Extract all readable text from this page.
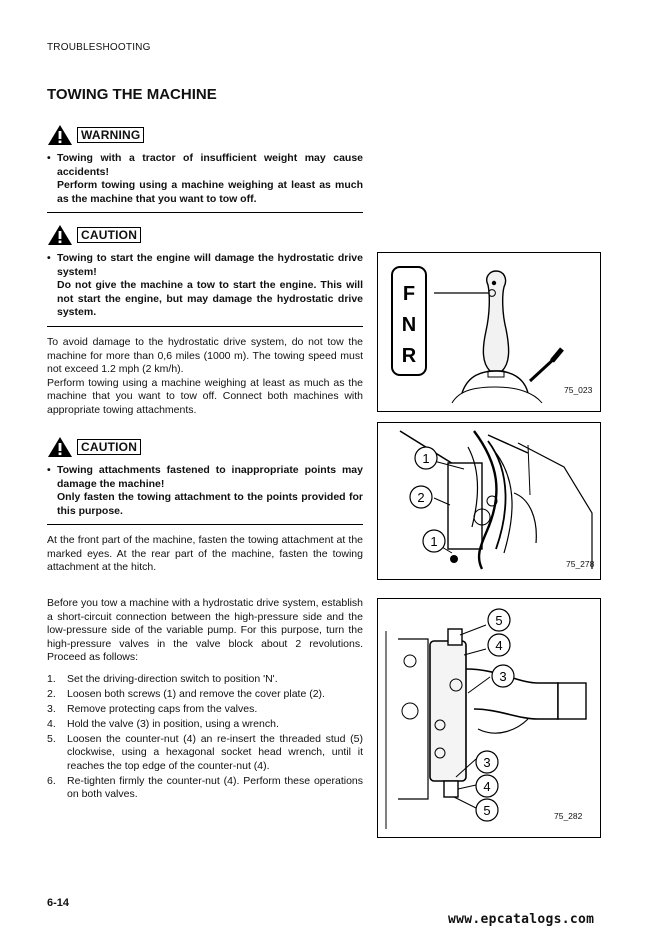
TROUBLESHOOTING
TOWING THE MACHINE
WARNING
• Towing with a tractor of insufficient weight may cause accidents!
Perform towing using a machine weighing at least as much as the machine that you want to tow off.
CAUTION
• Towing to start the engine will damage the hydrostatic drive system!
Do not give the machine a tow to start the engine. This will not start the engine, but may damage the hydrostatic drive system.
To avoid damage to the hydrostatic drive system, do not tow the machine for more than 0,6 miles (1000 m). The towing speed must not exceed 1.2 mph (2 km/h).
Perform towing using a machine weighing at least as much as the machine that you want to tow off. Connect both machines with appropriate towing attachments.
CAUTION
• Towing attachments fastened to inappropriate points may damage the machine!
Only fasten the towing attachment to the points provided for this purpose.
At the front part of the machine, fasten the towing attachment at the marked eyes. At the rear part of the machine, fasten the towing attachment at the hitch.
Before you tow a machine with a hydrostatic drive system, establish a short-circuit connection between the high-pressure side and the low-pressure side of the variable pump. For this purpose, turn the high-pressure valves in the valve block about 2 revolutions. Proceed as follows:
1.	Set the driving-direction switch to position 'N'.
2.	Loosen both screws (1) and remove the cover plate (2).
3.	Remove protecting caps from the valves.
4.	Hold the valve (3) in position, using a wrench.
5.	Loosen the counter-nut (4) an re-insert the threaded stud (5) clockwise, using a hexagonal socket head wrench, until it reaches the top edge of the counter-nut (4).
6.	Re-tighten firmly the counter-nut (4). Perform these operations on both valves.
F
N
R
75_023
1
2
1
75_278
5
4
3
3
4
5	75_282
6-14
www.epcatalogs.com
